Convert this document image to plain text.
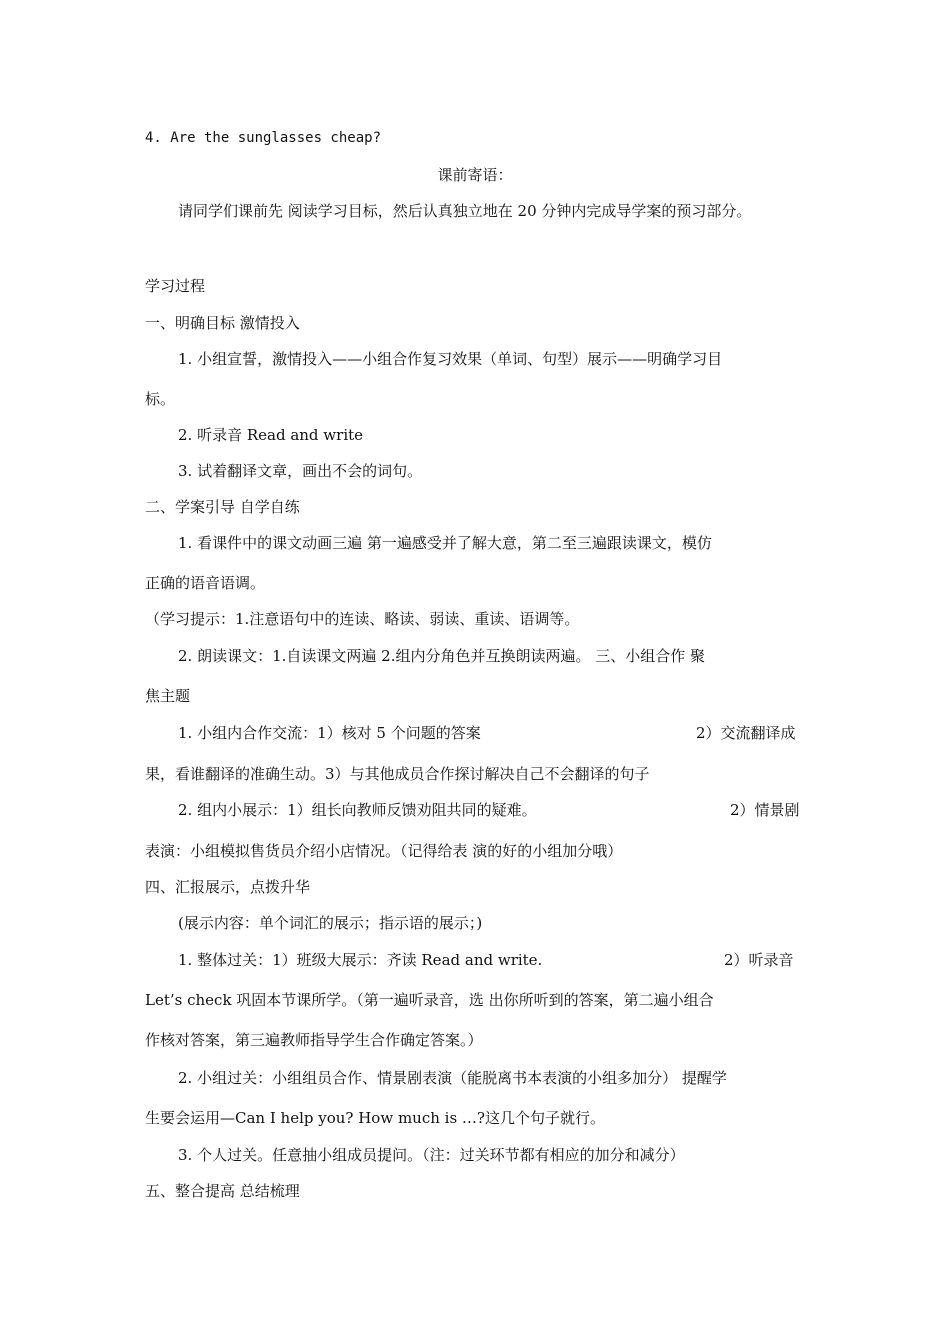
4. Are the sunglasses cheap?
课前寄语：
请同学们课前先 阅读学习目标，然后认真独立地在 20 分钟内完成导学案的预习部分。
学习过程
一、明确目标 激情投入
1. 小组宣誓，激情投入——小组合作复习效果（单词、句型）展示——明确学习目
标。
2. 听录音 Read and write
3. 试着翻译文章，画出不会的词句。
二、学案引导 自学自练
1. 看课件中的课文动画三遍 第一遍感受并了解大意，第二至三遍跟读课文，模仿
正确的语音语调。
（学习提示：1.注意语句中的连读、略读、弱读、重读、语调等。
2. 朗读课文：1.自读课文两遍 2.组内分角色并互换朗读两遍。 三、小组合作 聚
焦主题
1. 小组内合作交流：1）核对 5 个问题的答案	2）交流翻译成
果，看谁翻译的准确生动。3）与其他成员合作探讨解决自己不会翻译的句子
2. 组内小展示：1）组长向教师反馈劝阻共同的疑难。	2）情景剧
表演：小组模拟售货员介绍小店情况。（记得给表 演的好的小组加分哦）
四、汇报展示，点拨升华
(展示内容：单个词汇的展示；指示语的展示；)
1. 整体过关：1）班级大展示：齐读 Read and write.	2）听录音
Let’s check 巩固本节课所学。（第一遍听录音，选 出你所听到的答案，第二遍小组合
作核对答案，第三遍教师指导学生合作确定答案。）
2. 小组过关：小组组员合作、情景剧表演（能脱离书本表演的小组多加分） 提醒学
生要会运用—Can I help you? How much is …?这几个句子就行。
3. 个人过关。任意抽小组成员提问。（注：过关环节都有相应的加分和减分）
五、整合提高 总结梳理
